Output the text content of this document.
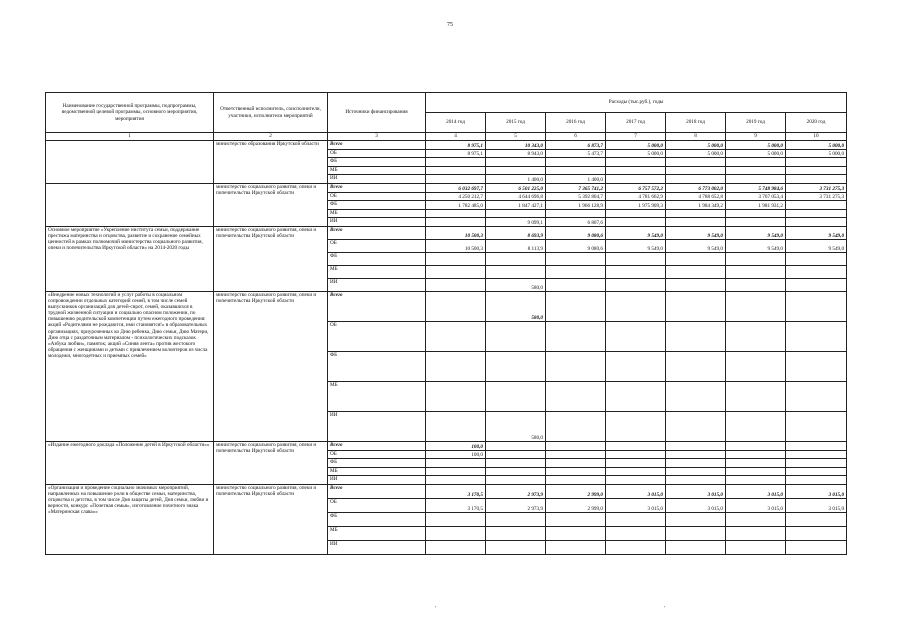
75
Наименование государственной программы, подпрограммы, ведомственной целевой программы, основного мероприятия, мероприятия	Ответственный исполнитель, соисполнители, участники, исполнители мероприятий	Источники финансирования	Расходы (тыс.руб.), годы						
			2014 год	2015 год	2016 год	2017 год	2018 год	2019 год	2020 год
1	2	3	4	5	6	7	8	9	10
	министерство образования Иркутской области	Всего	8 975,1	10 343,0	6 873,7	5 000,0	5 000,0	5 000,0	5 000,0
		ОБ	8 975,1	8 943,0	5 473,7	5 000,0	5 000,0	5 000,0	5 000,0
		ФБ							
		МБ							
		ИИ		1 400,0	1 400,0				
	министерство социального развития, опеки и попечительства Иркутской области	Всего	6 032 697,7	6 501 225,0	7 365 741,2	6 757 572,2	6 773 002,0	5 748 984,6	3 731 275,3
		ОБ	4 250 212,7	4 644 696,8	5 392 804,7	4 781 662,9	4 788 652,8	3 767 053,4	3 731 275,3
		ФБ	1 782 485,0	1 847 427,1	1 966 128,9	1 975 909,3	1 984 349,2	1 981 931,2	
		МБ							
		ИИ		9 099,1	6 807,6				
Основное мероприятие «Укрепление института семьи, поддержание престижа материнства и отцовства, развитие и сохранение семейных ценностей в рамках полномочий министерства социального развития, опеки и попечительства Иркутской области» на 2014-2020 годы	министерство социального развития, опеки и попечительства Иркутской области	Всего	10 500,3	8 693,9	9 080,6	9 549,0	9 549,0	9 549,0	9 549,0
		ОБ	10 500,3	8 113,9	9 080,6	9 549,0	9 549,0	9 549,0	9 549,0
		ФБ							
		МБ							
		ИИ		580,0					
«Внедрение новых технологий и услуг работы в социальном сопровождении отдельных категорий семей, в том числе семей выпускников организаций для детей-сирот, семей, оказавшихся в трудной жизненной ситуации и социально опасном положении, по повышению родительской компетенции путем ежегодного проведения: акций «Родителями не рождаются, ими становятся!» в образовательных организациях, приуроченных ко Дню ребенка, Дню семьи, Дню Матери, Дню отца с раздаточным материалом - психологических подсказок «Азбука любви», памяток; акций «Синяя лента» против жестокого обращения с женщинами и детьми с привлечением волонтеров из числа молодежи, многодетных и приемных семей»	министерство социального развития, опеки и попечительства Иркутской области	Всего		580,0					
		ОБ							
		ФБ							
		МБ							
		ИИ		580,0					
«Издание ежегодного доклада «Положение детей в Иркутской области»»	министерство социального развития, опеки и попечительства Иркутской области	Всего	100,0						
		ОБ	100,0						
		ФБ							
		МБ							
		ИИ							
«Организация и проведение социально значимых мероприятий, направленных на повышение роли в обществе семьи, материнства, отцовства и детства, в том числе Дня защиты детей, Дня семьи, любви и верности, конкурс «Почетная семья», изготовление почетного знака «Материнская слава»»	министерство социального развития, опеки и попечительства Иркутской области	Всего	3 170,5	2 973,9	2 999,0	3 015,0	3 015,0	3 015,0	3 015,0
		ОБ	3 170,5	2 973,9	2 999,0	3 015,0	3 015,0	3 015,0	3 015,0
		ФБ							
		МБ							
		ИИ							
'	'
